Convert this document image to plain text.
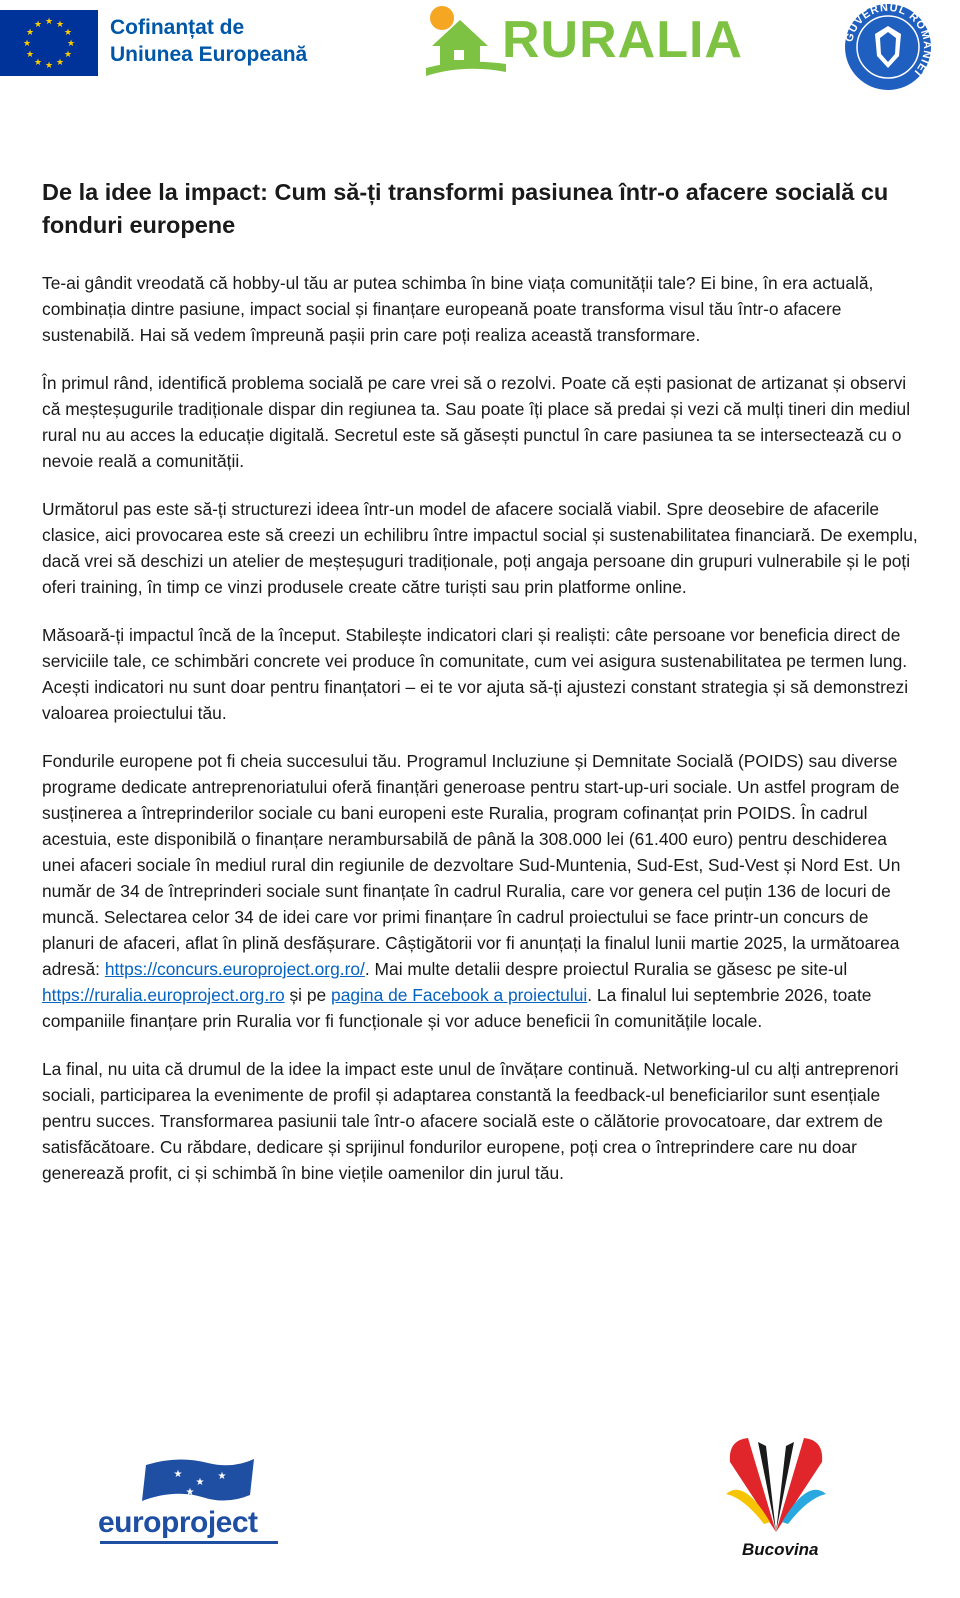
★ ★
★
★
★
★
★
★
★
★
★
★	Cofinanțat de
Uniunea Europeană	RURALIA	GUVERNUL ROMÂNIEI
De la idee la impact: Cum să-ți transformi pasiunea într-o afacere socială cu fonduri europene

Te-ai gândit vreodată că hobby-ul tău ar putea schimba în bine viața comunității tale? Ei bine, în era actuală, combinația dintre pasiune, impact social și finanțare europeană poate transforma visul tău într-o afacere sustenabilă. Hai să vedem împreună pașii prin care poți realiza această transformare.

În primul rând, identifică problema socială pe care vrei să o rezolvi. Poate că ești pasionat de artizanat și observi că meșteșugurile tradiționale dispar din regiunea ta. Sau poate îți place să predai și vezi că mulți tineri din mediul rural nu au acces la educație digitală. Secretul este să găsești punctul în care pasiunea ta se intersectează cu o nevoie reală a comunității.

Următorul pas este să-ți structurezi ideea într-un model de afacere socială viabil. Spre deosebire de afacerile clasice, aici provocarea este să creezi un echilibru între impactul social și sustenabilitatea financiară. De exemplu, dacă vrei să deschizi un atelier de meșteșuguri tradiționale, poți angaja persoane din grupuri vulnerabile și le poți oferi training, în timp ce vinzi produsele create către turiști sau prin platforme online.

Măsoară-ți impactul încă de la început. Stabilește indicatori clari și realiști: câte persoane vor beneficia direct de serviciile tale, ce schimbări concrete vei produce în comunitate, cum vei asigura sustenabilitatea pe termen lung. Acești indicatori nu sunt doar pentru finanțatori – ei te vor ajuta să-ți ajustezi constant strategia și să demonstrezi valoarea proiectului tău.

Fondurile europene pot fi cheia succesului tău. Programul Incluziune și Demnitate Socială (POIDS) sau diverse programe dedicate antreprenoriatului oferă finanțări generoase pentru start-up-uri sociale. Un astfel program de susținerea a întreprinderilor sociale cu bani europeni este Ruralia, program cofinanțat prin POIDS. În cadrul acestuia, este disponibilă o finanțare nerambursabilă de până la 308.000 lei (61.400 euro) pentru deschiderea unei afaceri sociale în mediul rural din regiunile de dezvoltare Sud-Muntenia, Sud-Est, Sud-Vest și Nord Est. Un număr de 34 de întreprinderi sociale sunt finanțate în cadrul Ruralia, care vor genera cel puțin 136 de locuri de muncă. Selectarea celor 34 de idei care vor primi finanțare în cadrul proiectului se face printr-un concurs de planuri de afaceri, aflat în plină desfășurare. Câștigătorii vor fi anunțați la finalul lunii martie 2025, la următoarea adresă: https://concurs.europroject.org.ro/. Mai multe detalii despre proiectul Ruralia se găsesc pe site-ul https://ruralia.europroject.org.ro și pe pagina de Facebook a proiectului. La finalul lui septembrie 2026, toate companiile finanțare prin Ruralia vor fi funcționale și vor aduce beneficii în comunitățile locale.

La final, nu uita că drumul de la idee la impact este unul de învățare continuă. Networking-ul cu alți antreprenori sociali, participarea la evenimente de profil și adaptarea constantă la feedback-ul beneficiarilor sunt esențiale pentru succes. Transformarea pasiunii tale într-o afacere socială este o călătorie provocatoare, dar extrem de satisfăcătoare. Cu răbdare, dedicare și sprijinul fondurilor europene, poți crea o întreprindere care nu doar generează profit, ci și schimbă în bine viețile oamenilor din jurul tău.

★
★
★
★
europroject
Bucovina
